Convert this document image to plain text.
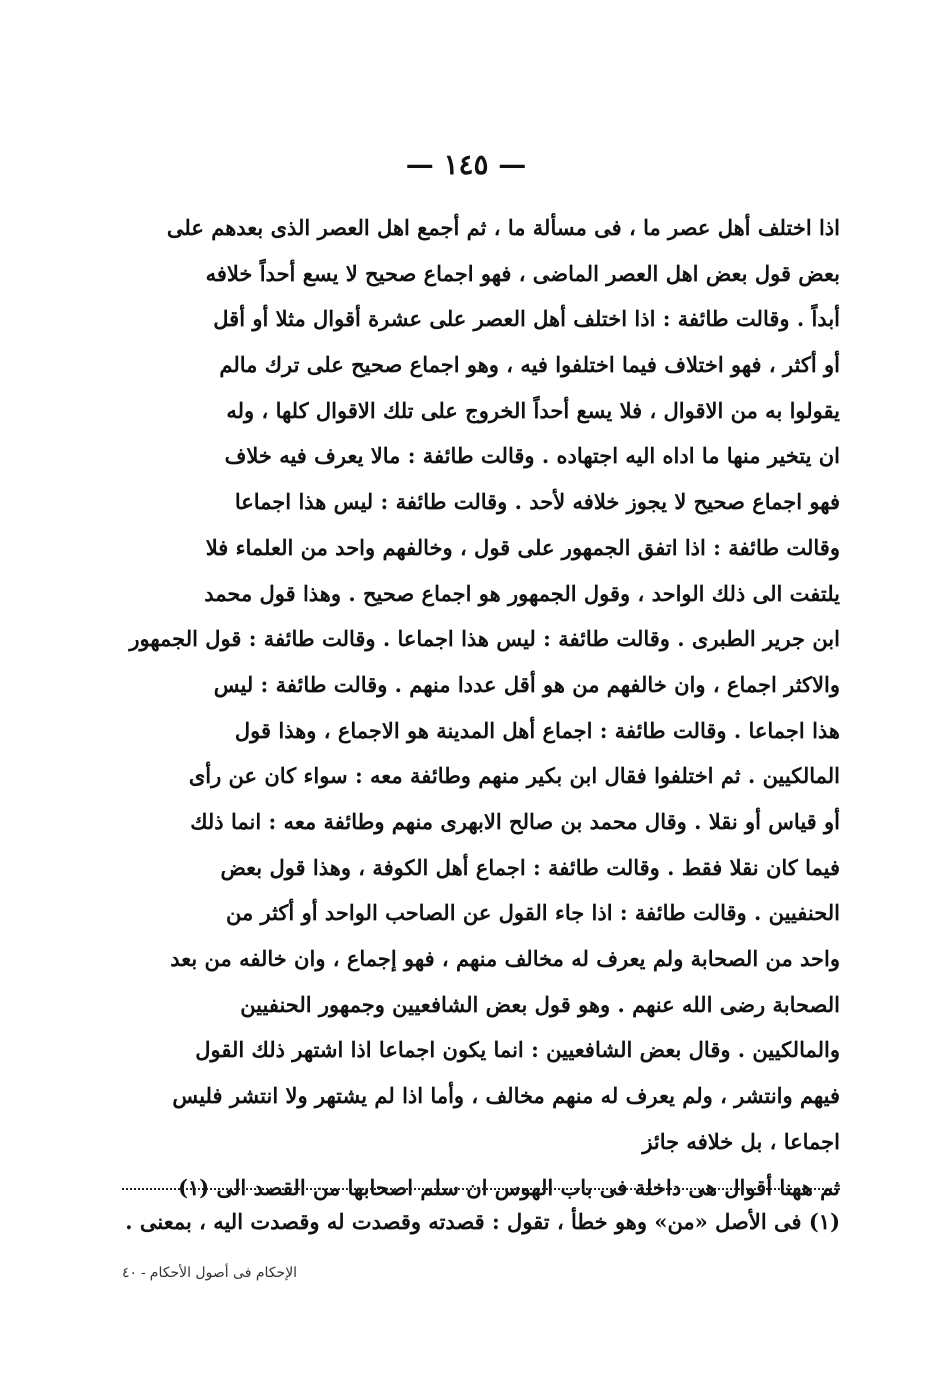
— ١٤٥ —
اذا اختلف أهل عصر ما ، فى مسألة ما ، ثم أجمع اهل العصر الذى بعدهم على
بعض قول بعض اهل العصر الماضى ، فهو اجماع صحيح لا يسع أحداً خلافه
أبداً . وقالت طائفة : اذا اختلف أهل العصر على عشرة أقوال مثلا أو أقل
أو أكثر ، فهو اختلاف فيما اختلفوا فيه ، وهو اجماع صحيح على ترك مالم
يقولوا به من الاقوال ، فلا يسع أحداً الخروج على تلك الاقوال كلها ، وله
ان يتخير منها ما اداه اليه اجتهاده . وقالت طائفة : مالا يعرف فيه خلاف
فهو اجماع صحيح لا يجوز خلافه لأحد . وقالت طائفة : ليس هذا اجماعا
وقالت طائفة : اذا اتفق الجمهور على قول ، وخالفهم واحد من العلماء فلا
يلتفت الى ذلك الواحد ، وقول الجمهور هو اجماع صحيح . وهذا قول محمد
ابن جرير الطبرى . وقالت طائفة : ليس هذا اجماعا . وقالت طائفة : قول الجمهور
والاكثر اجماع ، وان خالفهم من هو أقل عددا منهم . وقالت طائفة : ليس
هذا اجماعا . وقالت طائفة : اجماع أهل المدينة هو الاجماع ، وهذا قول
المالكيين . ثم اختلفوا فقال ابن بكير منهم وطائفة معه : سواء كان عن رأى
أو قياس أو نقلا . وقال محمد بن صالح الابهرى منهم وطائفة معه : انما ذلك
فيما كان نقلا فقط . وقالت طائفة : اجماع أهل الكوفة ، وهذا قول بعض
الحنفيين . وقالت طائفة : اذا جاء القول عن الصاحب الواحد أو أكثر من
واحد من الصحابة ولم يعرف له مخالف منهم ، فهو إجماع ، وان خالفه من بعد
الصحابة رضى الله عنهم . وهو قول بعض الشافعيين وجمهور الحنفيين
والمالكيين . وقال بعض الشافعيين : انما يكون اجماعا اذا اشتهر ذلك القول
فيهم وانتشر ، ولم يعرف له منهم مخالف ، وأما اذا لم يشتهر ولا انتشر فليس
اجماعا ، بل خلافه جائز
ثم ههنا أقوال هى داخلة فى باب الهوس ان سلم اصحابها من القصد الى (١)
(١) فى الأصل «من» وهو خطأ ، تقول : قصدته وقصدت له وقصدت اليه ، بمعنى .
الإحكام فى أصول الأحكام-٤٠
